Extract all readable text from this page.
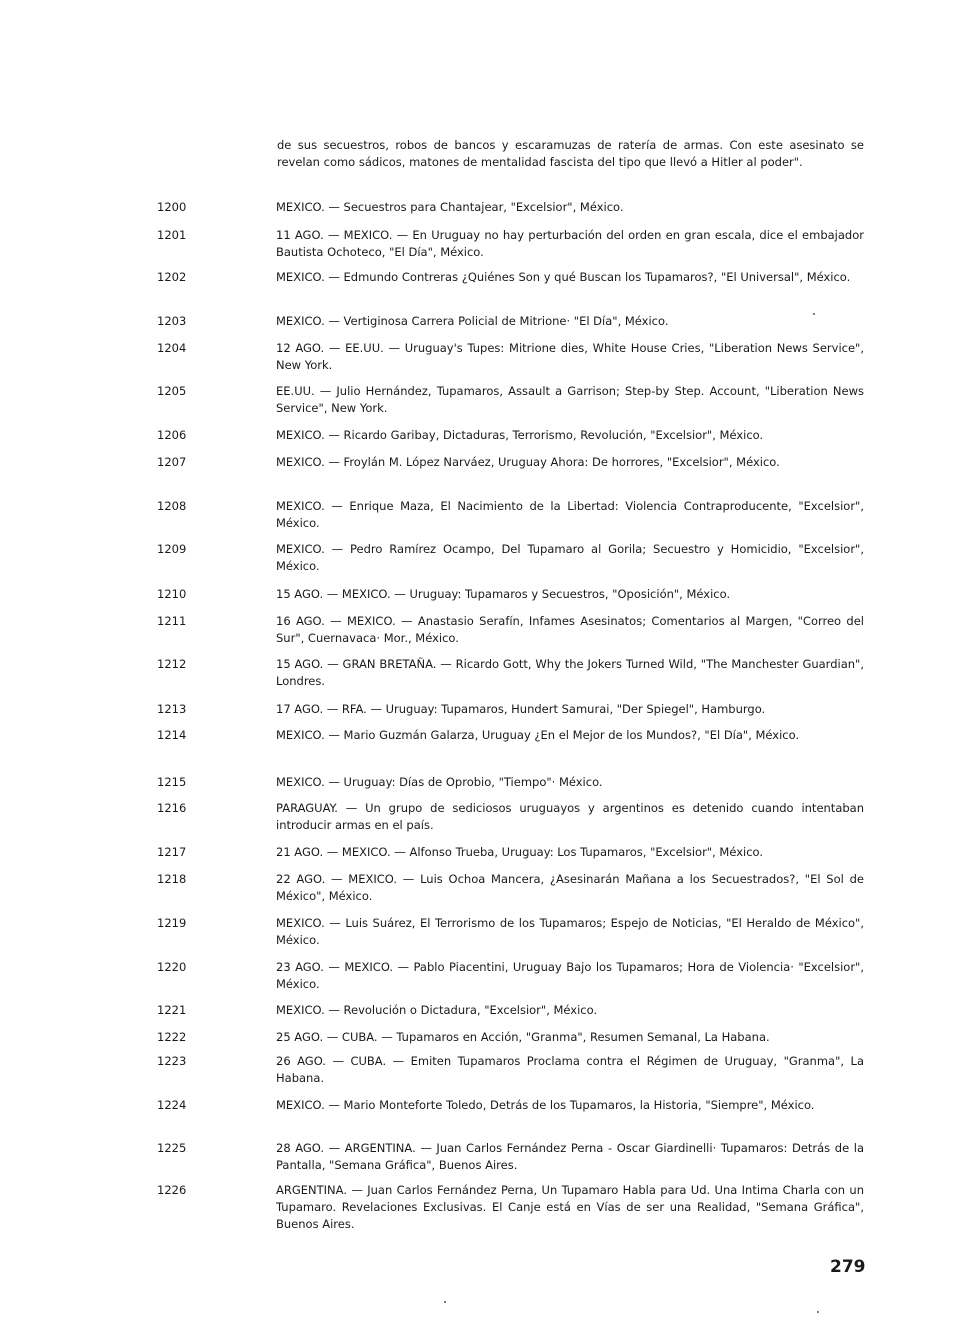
de sus secuestros, robos de bancos y escaramuzas de ratería de armas. Con este asesinato se revelan como sádicos, matones de mentalidad fascista del tipo que llevó a Hitler al poder".

1200	MEXICO. — Secuestros para Chantajear, "Excelsior", México.

1201	11 AGO. — MEXICO. — En Uruguay no hay perturbación del orden en gran escala, dice el embajador Bautista Ochoteco, "El Día", México.

1202	MEXICO. — Edmundo Contreras ¿Quiénes Son y qué Buscan los Tupamaros?, "El Universal", México.

1203	MEXICO. — Vertiginosa Carrera Policial de Mitrione· "El Día", México.

1204	12 AGO. — EE.UU. — Uruguay's Tupes: Mitrione dies, White House Cries, "Liberation News Service", New York.

1205	EE.UU. — Julio Hernández, Tupamaros, Assault a Garrison; Step-by Step. Account, "Liberation News Service", New York.

1206	MEXICO. — Ricardo Garibay, Dictaduras, Terrorismo, Revolución, "Excelsior", México.

1207	MEXICO. — Froylán M. López Narváez, Uruguay Ahora: De horrores, "Excelsior", México.

1208	MEXICO. — Enrique Maza, El Nacimiento de la Libertad: Violencia Contraproducente, "Excelsior", México.

1209	MEXICO. — Pedro Ramírez Ocampo, Del Tupamaro al Gorila; Secuestro y Homicidio, "Excelsior", México.

1210	15 AGO. — MEXICO. — Uruguay: Tupamaros y Secuestros, "Oposición", México.

1211	16 AGO. — MEXICO. — Anastasio Serafín, Infames Asesinatos; Comentarios al Margen, "Correo del Sur", Cuernavaca· Mor., México.

1212	15 AGO. — GRAN BRETAÑA. — Ricardo Gott, Why the Jokers Turned Wild, "The Manchester Guardian", Londres.

1213	17 AGO. — RFA. — Uruguay: Tupamaros, Hundert Samurai, "Der Spiegel", Hamburgo.

1214	MEXICO. — Mario Guzmán Galarza, Uruguay ¿En el Mejor de los Mundos?, "El Día", México.

1215	MEXICO. — Uruguay: Días de Oprobio, "Tiempo"· México.

1216	PARAGUAY. — Un grupo de sediciosos uruguayos y argentinos es detenido cuando intentaban introducir armas en el país.

1217	21 AGO. — MEXICO. — Alfonso Trueba, Uruguay: Los Tupamaros, "Excelsior", México.

1218	22 AGO. — MEXICO. — Luis Ochoa Mancera, ¿Asesinarán Mañana a los Secuestrados?, "El Sol de México", México.

1219	MEXICO. — Luis Suárez, El Terrorismo de los Tupamaros; Espejo de Noticias, "El Heraldo de México", México.

1220	23 AGO. — MEXICO. — Pablo Piacentini, Uruguay Bajo los Tupamaros; Hora de Violencia· "Excelsior", México.

1221	MEXICO. — Revolución o Dictadura, "Excelsior", México.

1222	25 AGO. — CUBA. — Tupamaros en Acción, "Granma", Resumen Semanal, La Habana.

1223	26 AGO. — CUBA. — Emiten Tupamaros Proclama contra el Régimen de Uruguay, "Granma", La Habana.

1224	MEXICO. — Mario Monteforte Toledo, Detrás de los Tupamaros, la Historia, "Siempre", México.

1225	28 AGO. — ARGENTINA. — Juan Carlos Fernández Perna - Oscar Giardinelli· Tupamaros: Detrás de la Pantalla, "Semana Gráfica", Buenos Aires.

1226	ARGENTINA. — Juan Carlos Fernández Perna, Un Tupamaro Habla para Ud. Una Intima Charla con un Tupamaro. Revelaciones Exclusivas. El Canje está en Vías de ser una Realidad, "Semana Gráfica", Buenos Aires.

279
